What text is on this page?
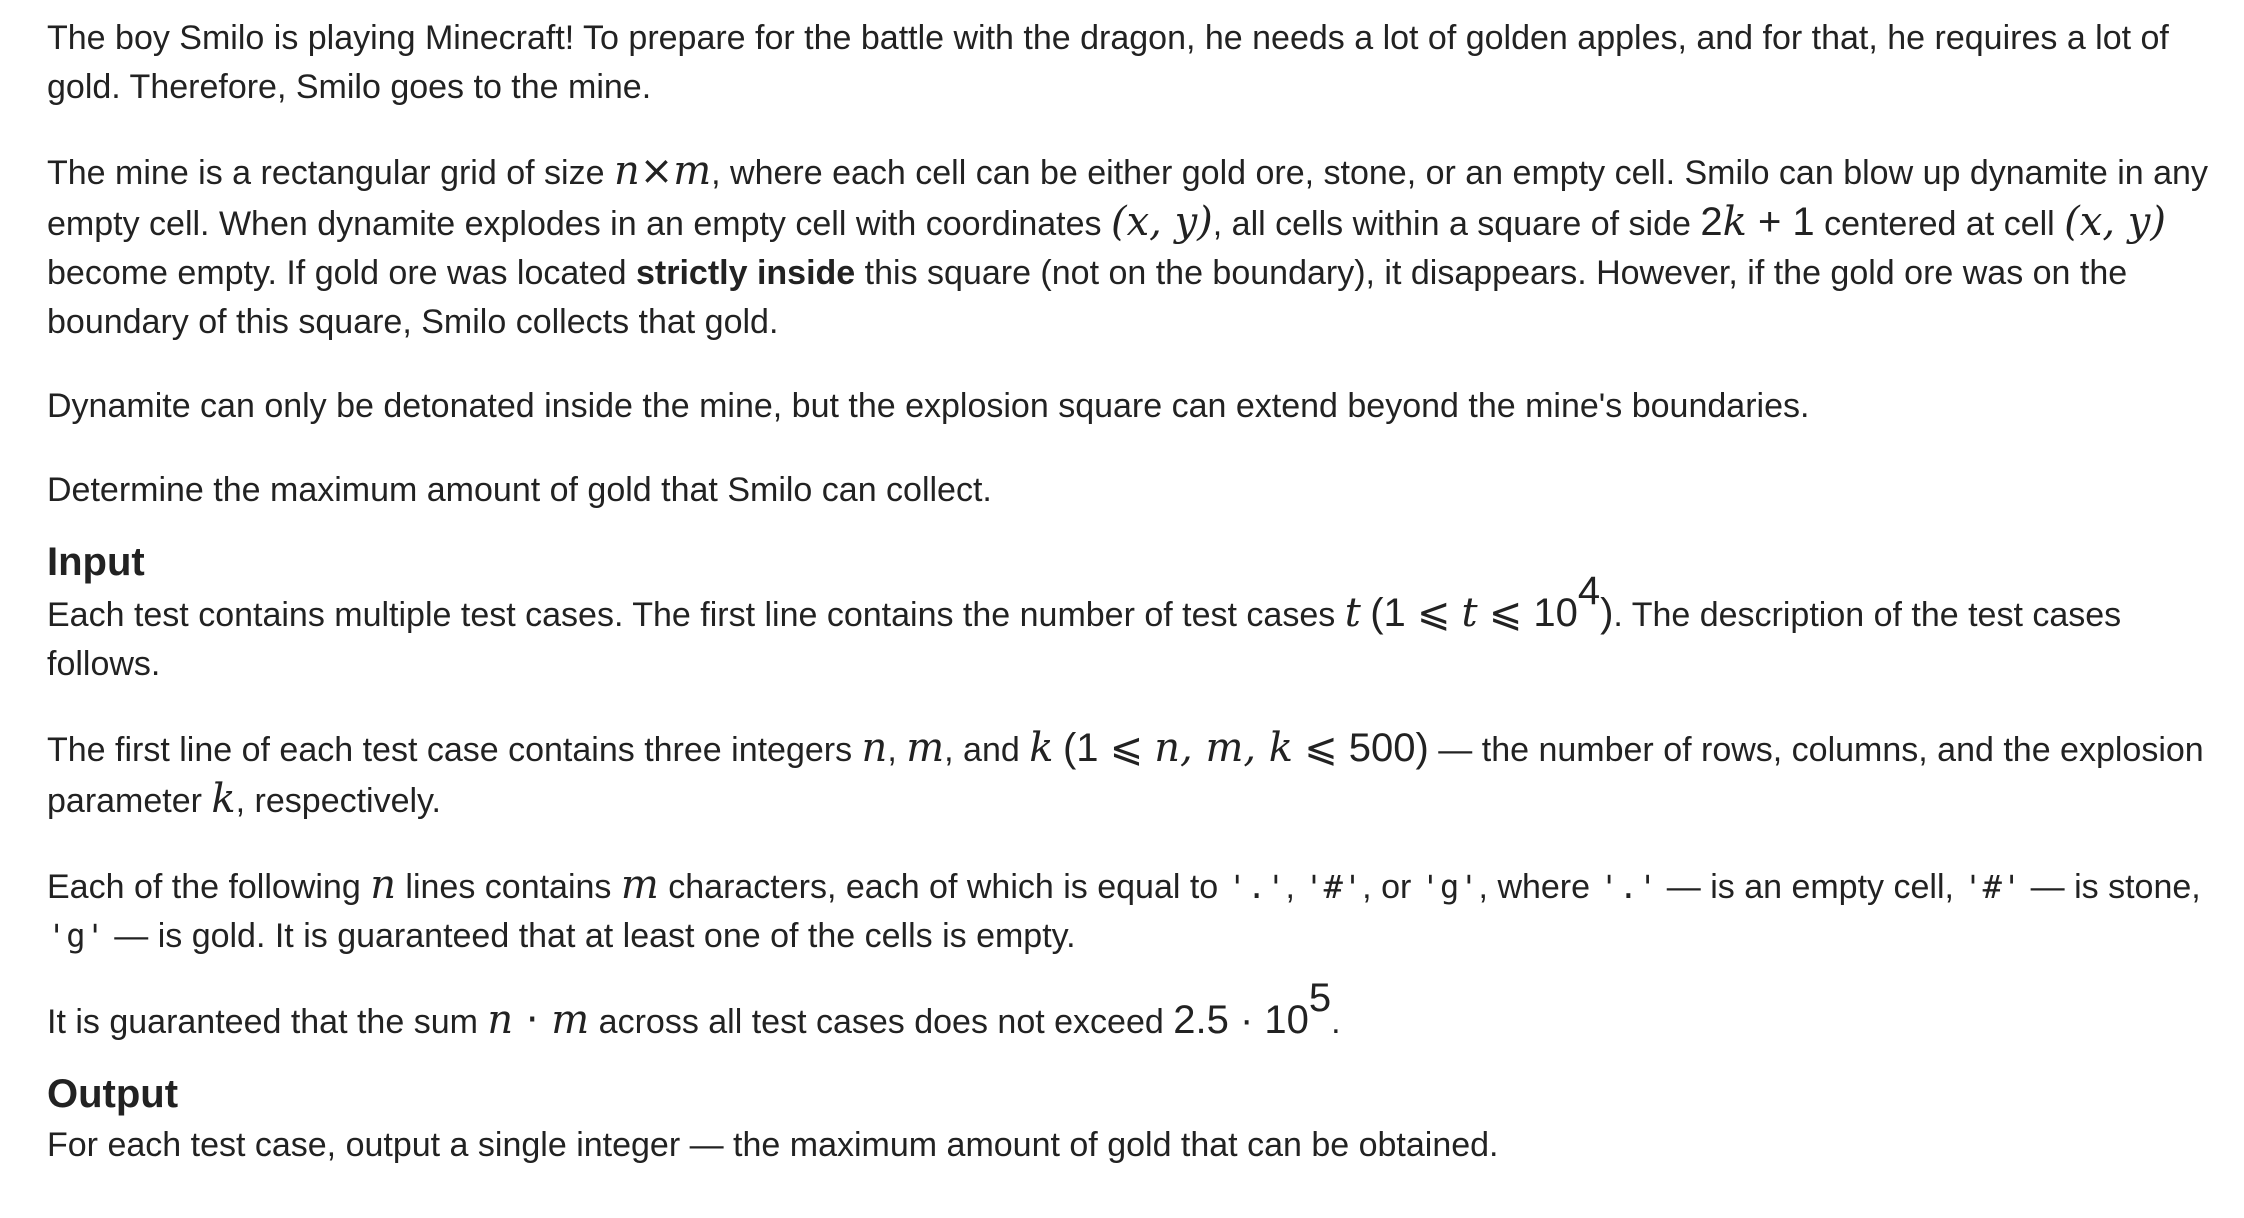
The boy Smilo is playing Minecraft! To prepare for the battle with the dragon, he needs a lot of golden apples, and for that, he requires a lot of gold. Therefore, Smilo goes to the mine.

The mine is a rectangular grid of size n×m, where each cell can be either gold ore, stone, or an empty cell. Smilo can blow up dynamite in any empty cell. When dynamite explodes in an empty cell with coordinates (x, y), all cells within a square of side 2k + 1 centered at cell (x, y) become empty. If gold ore was located strictly inside this square (not on the boundary), it disappears. However, if the gold ore was on the boundary of this square, Smilo collects that gold.

Dynamite can only be detonated inside the mine, but the explosion square can extend beyond the mine's boundaries.

Determine the maximum amount of gold that Smilo can collect.

Input

Each test contains multiple test cases. The first line contains the number of test cases t (1 ⩽ t ⩽ $10^4$). The description of the test cases follows.

The first line of each test case contains three integers n, m, and k (1 ⩽ n, m, k ⩽ 500) — the number of rows, columns, and the explosion parameter k, respectively.

Each of the following n lines contains m characters, each of which is equal to '.', '#', or 'g', where '.' — is an empty cell, '#' — is stone, 'g' — is gold. It is guaranteed that at least one of the cells is empty.

It is guaranteed that the sum n · m across all test cases does not exceed $2.5 \cdot 10^5$.

Output

For each test case, output a single integer — the maximum amount of gold that can be obtained.
